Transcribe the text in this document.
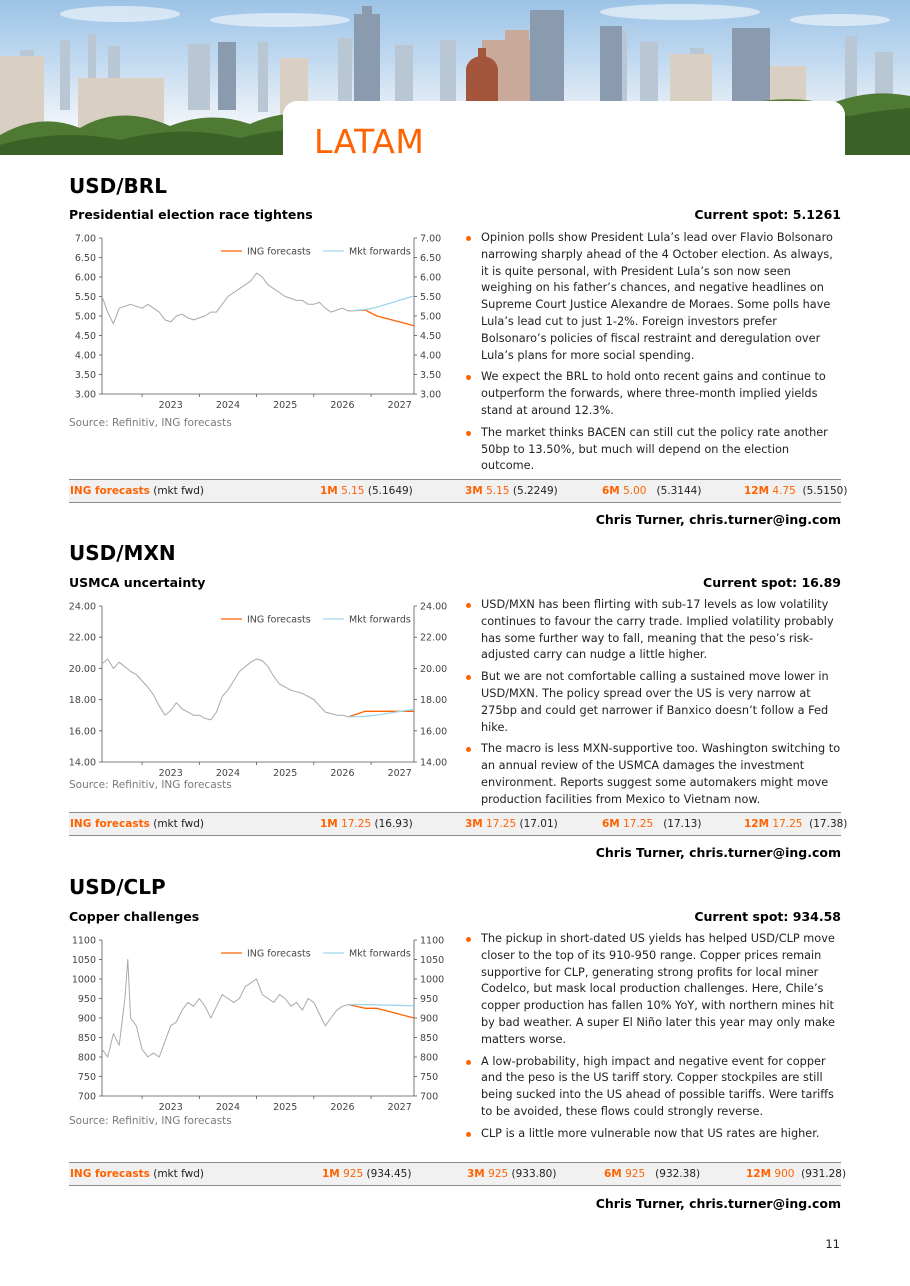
LATAM
USD/BRL
Presidential election race tightens	Current spot: 5.1261
7.00	7.00
6.50	6.50
6.00	6.00
5.50	5.50
5.00	5.00
4.50	4.50
4.00	4.00
3.50	3.50
3.00	3.00
2023	2024	2025	2026	2027
ING forecasts	Mkt forwards
Source: Refinitiv, ING forecasts
Opinion polls show President Lula’s lead over Flavio Bolsonaro narrowing sharply ahead of the 4 October election. As always, it is quite personal, with President Lula’s son now seen weighing on his father’s chances, and negative headlines on Supreme Court Justice Alexandre de Moraes. Some polls have Lula’s lead cut to just 1-2%. Foreign investors prefer Bolsonaro’s policies of fiscal restraint and deregulation over Lula’s plans for more social spending.
We expect the BRL to hold onto recent gains and continue to outperform the forwards, where three-month implied yields stand at around 12.3%.
The market thinks BACEN can still cut the policy rate another 50bp to 13.50%, but much will depend on the election outcome.
ING forecasts (mkt fwd)	1M 5.15 (5.1649)	3M 5.15 (5.2249)	6M 5.00 (5.3144)	12M 4.75 (5.5150)
Chris Turner, chris.turner@ing.com
USD/MXN
USMCA uncertainty	Current spot: 16.89
24.00	24.00
22.00	22.00
20.00	20.00
18.00	18.00
16.00	16.00
14.00	14.00
2023	2024	2025	2026	2027
ING forecasts	Mkt forwards
Source: Refinitiv, ING forecasts
USD/MXN has been flirting with sub-17 levels as low volatility continues to favour the carry trade. Implied volatility probably has some further way to fall, meaning that the peso’s risk-adjusted carry can nudge a little higher.
But we are not comfortable calling a sustained move lower in USD/MXN. The policy spread over the US is very narrow at 275bp and could get narrower if Banxico doesn’t follow a Fed hike.
The macro is less MXN-supportive too. Washington switching to an annual review of the USMCA damages the investment environment. Reports suggest some automakers might move production facilities from Mexico to Vietnam now.
ING forecasts (mkt fwd)	1M 17.25 (16.93)	3M 17.25 (17.01)	6M 17.25 (17.13)	12M 17.25 (17.38)
Chris Turner, chris.turner@ing.com
USD/CLP
Copper challenges	Current spot: 934.58
1100	1100
1050	1050
1000	1000
950	950
900	900
850	850
800	800
750	750
700	700
2023	2024	2025	2026	2027
ING forecasts	Mkt forwards
Source: Refinitiv, ING forecasts
The pickup in short-dated US yields has helped USD/CLP move closer to the top of its 910-950 range. Copper prices remain supportive for CLP, generating strong profits for local miner Codelco, but mask local production challenges. Here, Chile’s copper production has fallen 10% YoY, with northern mines hit by bad weather. A super El Niño later this year may only make matters worse.
A low-probability, high impact and negative event for copper and the peso is the US tariff story. Copper stockpiles are still being sucked into the US ahead of possible tariffs. Were tariffs to be avoided, these flows could strongly reverse.
CLP is a little more vulnerable now that US rates are higher.
ING forecasts (mkt fwd)	1M 925 (934.45)	3M 925 (933.80)	6M 925 (932.38)	12M 900 (931.28)
Chris Turner, chris.turner@ing.com
11
